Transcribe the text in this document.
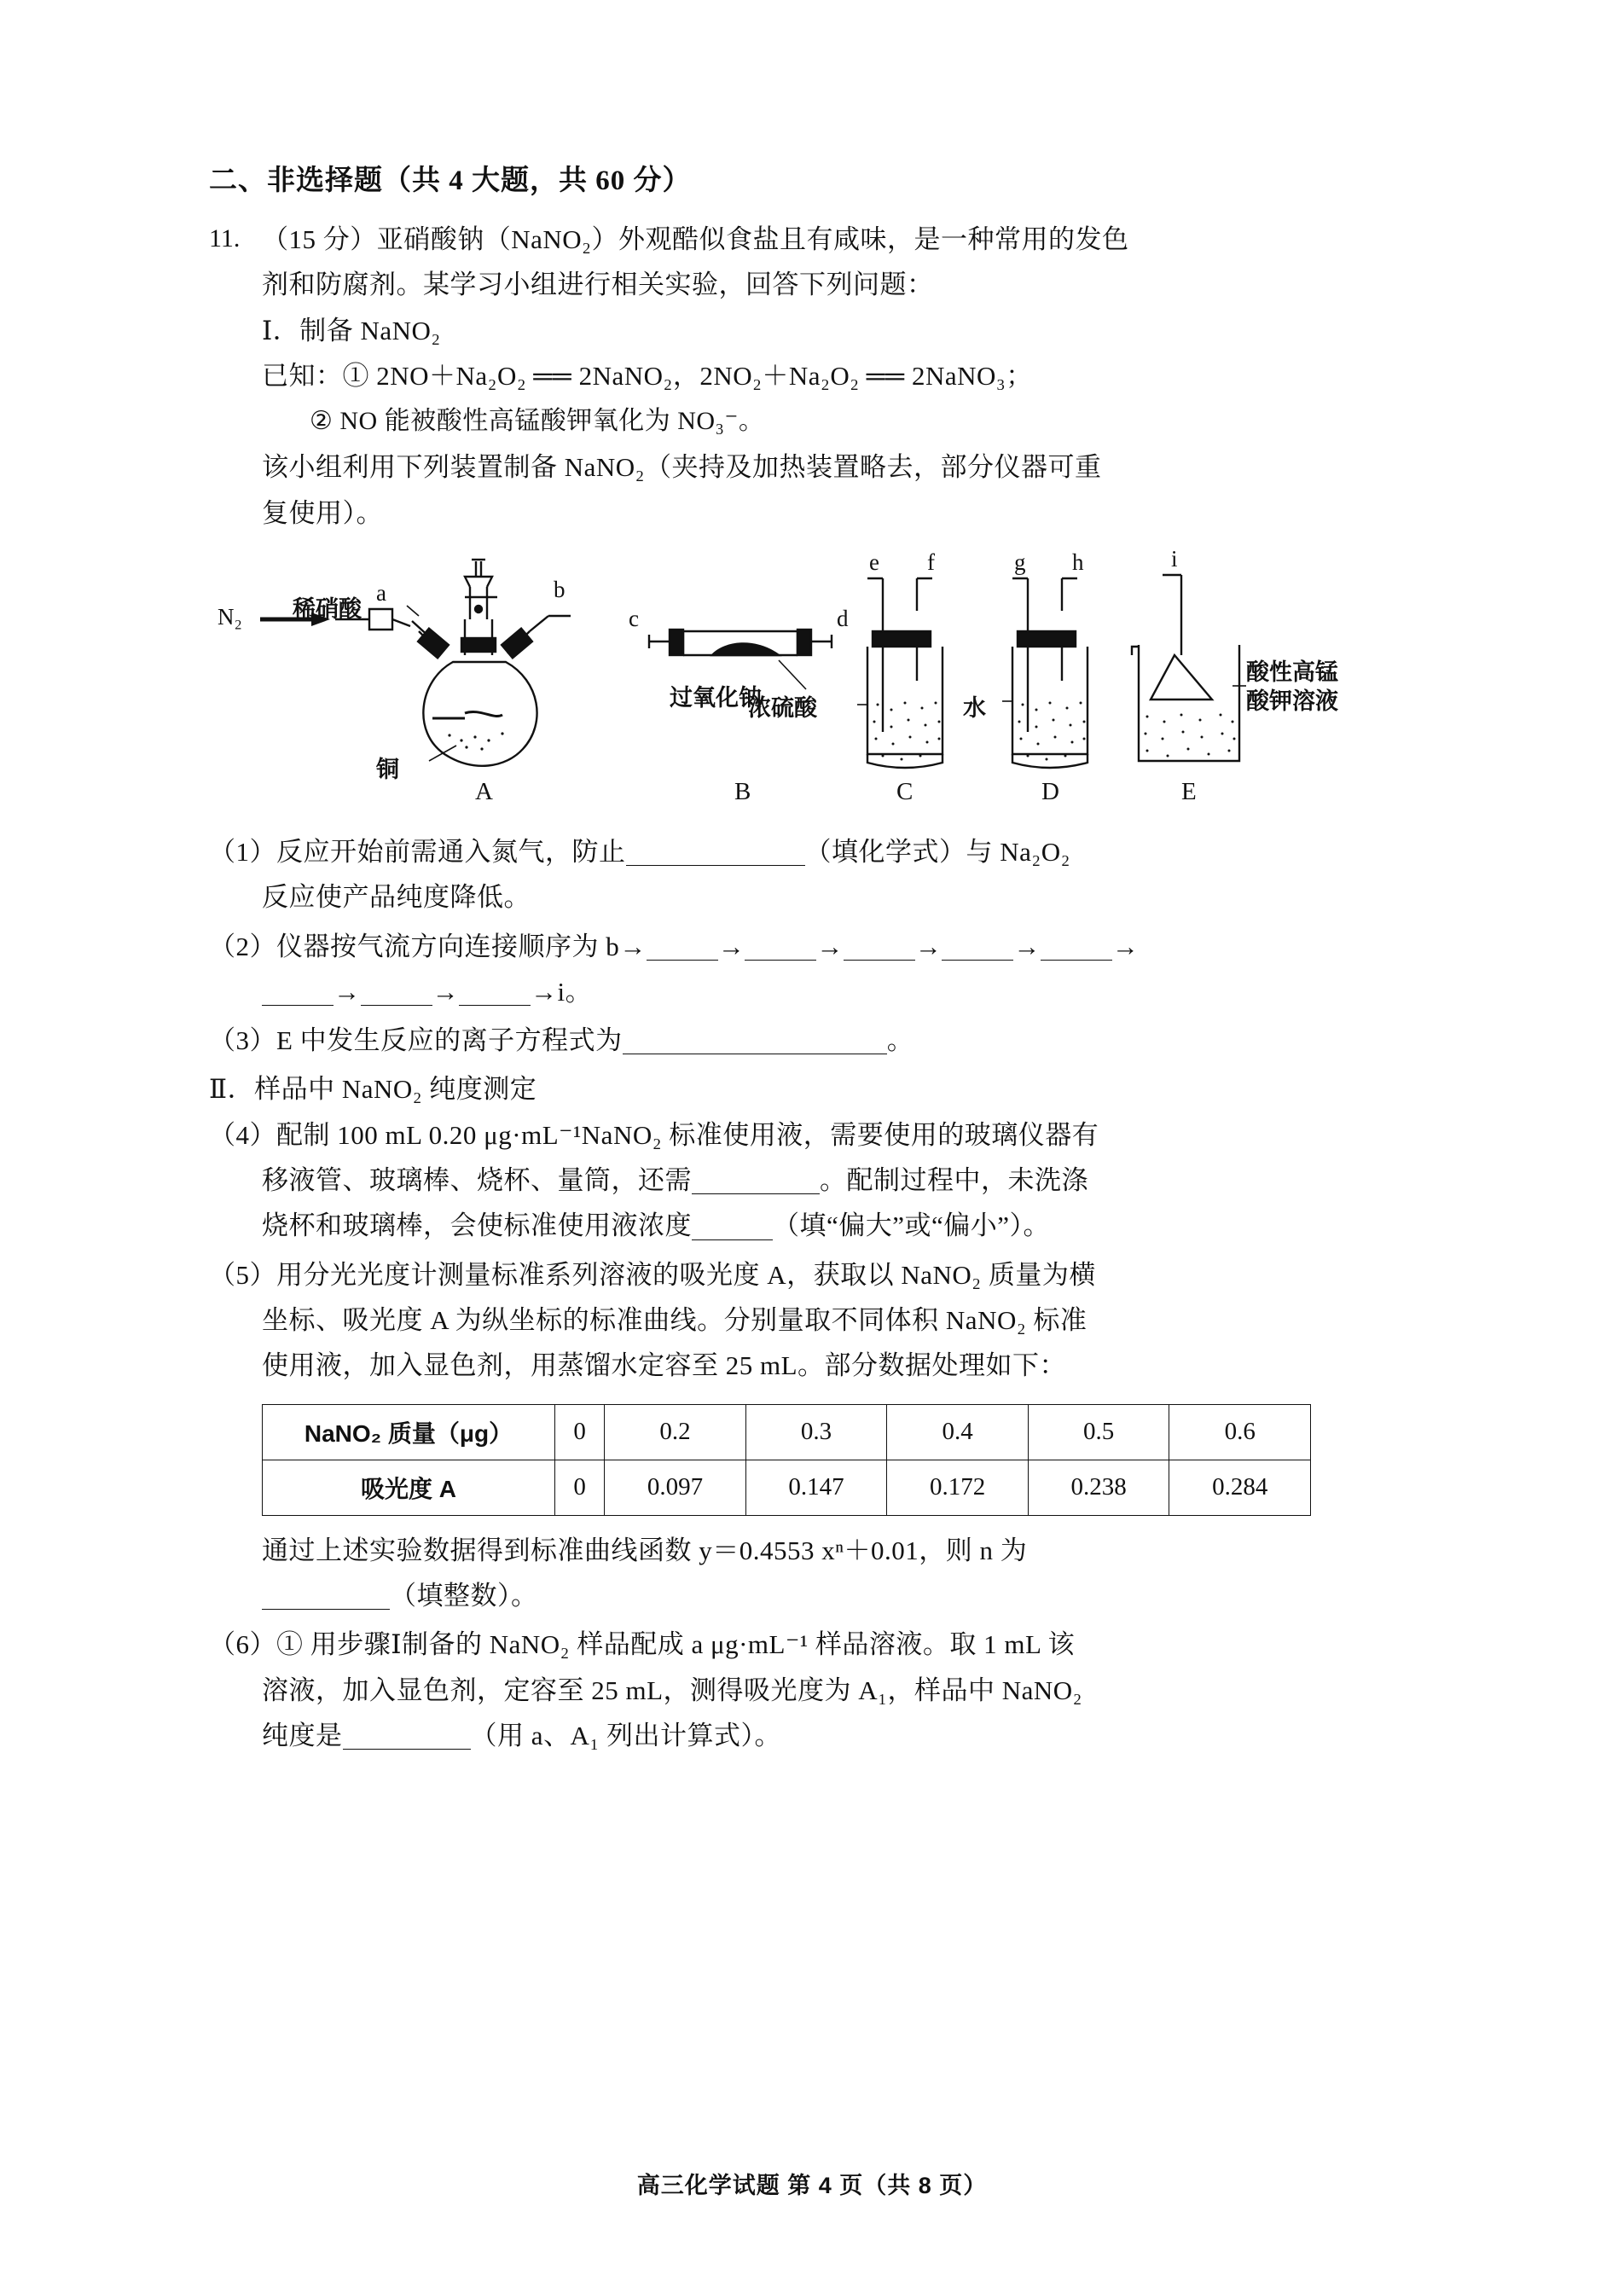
二、非选择题（共 4 大题，共 60 分）
11. （15 分）亚硝酸钠（NaNO₂）外观酷似食盐且有咸味，是一种常用的发色
剂和防腐剂。某学习小组进行相关实验，回答下列问题：
Ⅰ．制备 NaNO₂
已知：① 2NO＋Na₂O₂ ══ 2NaNO₂，2NO₂＋Na₂O₂ ══ 2NaNO₃；
② NO 能被酸性高锰酸钾氧化为 NO₃⁻。
该小组利用下列装置制备 NaNO₂（夹持及加热装置略去，部分仪器可重
复使用）。
N₂
a	b
c	d
e f	g h	i
稀硝酸
铜
过氧化钠
浓硫酸	水
酸性高锰
酸钾溶液
A	B	C	D	E
（1）反应开始前需通入氮气，防止	（填化学式）与 Na₂O₂
反应使产品纯度降低。
（2）仪器按气流方向连接顺序为 b→	→	→	→	→	→
→	→	→i。
（3）E 中发生反应的离子方程式为	。
Ⅱ．样品中 NaNO₂ 纯度测定
（4）配制 100 mL 0.20 μg·mL⁻¹NaNO₂ 标准使用液，需要使用的玻璃仪器有
移液管、玻璃棒、烧杯、量筒，还需	。配制过程中，未洗涤
烧杯和玻璃棒，会使标准使用液浓度	（填“偏大”或“偏小”）。
（5）用分光光度计测量标准系列溶液的吸光度 A，获取以 NaNO₂ 质量为横
坐标、吸光度 A 为纵坐标的标准曲线。分别量取不同体积 NaNO₂ 标准
使用液，加入显色剂，用蒸馏水定容至 25 mL。部分数据处理如下：
NaNO₂ 质量（μg）	0	0.2	0.3	0.4	0.5	0.6
吸光度 A	0	0.097	0.147	0.172	0.238	0.284
通过上述实验数据得到标准曲线函数 y＝0.4553 xⁿ＋0.01，则 n 为
（填整数）。
（6）① 用步骤Ⅰ制备的 NaNO₂ 样品配成 a μg·mL⁻¹ 样品溶液。取 1 mL 该
溶液，加入显色剂，定容至 25 mL，测得吸光度为 A₁，样品中 NaNO₂
纯度是	（用 a、A₁ 列出计算式）。
高三化学试题 第 4 页（共 8 页）
